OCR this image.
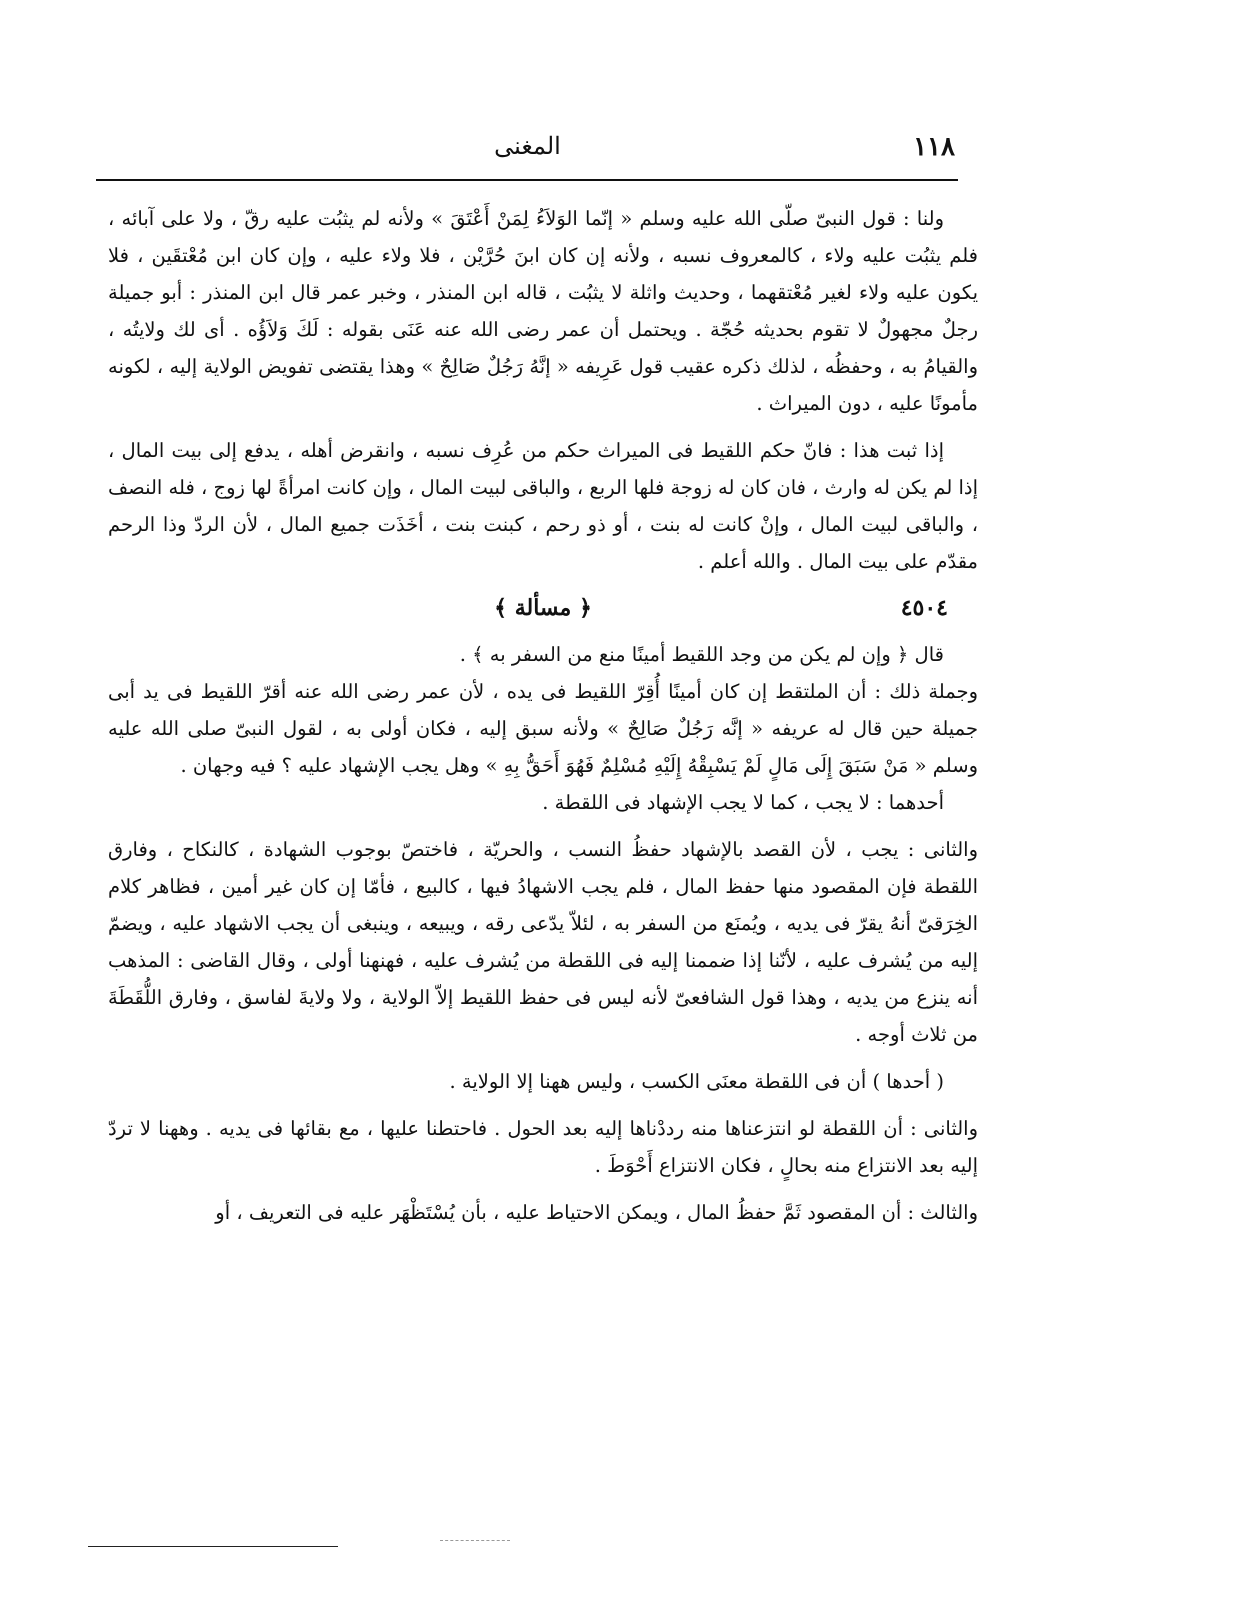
١١٨
المغنى

ولنا : قول النبىّ صلّى الله عليه وسلم « إنّما الوَلاَءُ لِمَنْ أَعْتَقَ » ولأنه لم يثبُت عليه رقّ ، ولا على آبائه ، فلم يثبُت عليه ولاء ، كالمعروف نسبه ، ولأنه إن كان ابنَ حُرَّيْن ، فلا ولاء عليه ، وإن كان ابن مُعْتقَين ، فلا يكون عليه ولاء لغير مُعْتقهما ، وحديث واثلة لا يثبُت ، قاله ابن المنذر ، وخبر عمر قال ابن المنذر : أبو جميلة رجلٌ مجهولٌ لا تقوم بحديثه حُجّة . ويحتمل أن عمر رضى الله عنه عَنَى بقوله : لَكَ وَلاَؤُه . أى لك ولايتُه ، والقيامُ به ، وحفظُه ، لذلك ذكره عقيب قول عَرِيفه « إنَّهُ رَجُلٌ صَالِحٌ » وهذا يقتضى تفويض الولاية إليه ، لكونه مأمونًا عليه ، دون الميراث .

إذا ثبت هذا : فانّ حكم اللقيط فى الميراث حكم من عُرِف نسبه ، وانقرض أهله ، يدفع إلى بيت المال ، إذا لم يكن له وارث ، فان كان له زوجة فلها الربع ، والباقى لبيت المال ، وإن كانت امرأةً لها زوج ، فله النصف ، والباقى لبيت المال ، وإنْ كانت له بنت ، أو ذو رحم ، كبنت بنت ، أخَذَت جميع المال ، لأن الردّ وذا الرحم مقدّم على بيت المال . والله أعلم .

٤٥٠٤
﴿ مسألة ﴾

قال ﴿ وإن لم يكن من وجد اللقيط أمينًا منع من السفر به ﴾ .

وجملة ذلك : أن الملتقط إن كان أمينًا أُقِرّ اللقيط فى يده ، لأن عمر رضى الله عنه أقرّ اللقيط فى يد أبى جميلة حين قال له عريفه « إنَّه رَجُلٌ صَالِحٌ » ولأنه سبق إليه ، فكان أولى به ، لقول النبىّ صلى الله عليه وسلم « مَنْ سَبَقَ إِلَى مَالٍ لَمْ يَسْبِقْهُ إِلَيْهِ مُسْلِمٌ فَهُوَ أَحَقُّ بِهِ » وهل يجب الإشهاد عليه ؟ فيه وجهان .

أحدهما : لا يجب ، كما لا يجب الإشهاد فى اللقطة .

والثانى : يجب ، لأن القصد بالإشهاد حفظُ النسب ، والحريّة ، فاختصّ بوجوب الشهادة ، كالنكاح ، وفارق اللقطة فإن المقصود منها حفظ المال ، فلم يجب الاشهادُ فيها ، كالبيع ، فأمّا إن كان غير أمين ، فظاهر كلام الخِرَقىّ أنهُ يقرّ فى يديه ، ويُمنَع من السفر به ، لئلاّ يدّعى رقه ، ويبيعه ، وينبغى أن يجب الاشهاد عليه ، ويضمّ إليه من يُشرف عليه ، لأنّنا إذا ضممنا إليه فى اللقطة من يُشرف عليه ، فهنهنا أولى ، وقال القاضى : المذهب أنه ينزع من يديه ، وهذا قول الشافعىّ لأنه ليس فى حفظ اللقيط إلاّ الولاية ، ولا ولايةَ لفاسق ، وفارق اللُّقَطَةَ من ثلاث أوجه .

( أحدها ) أن فى اللقطة معنَى الكسب ، وليس ههنا إلا الولاية .

والثانى : أن اللقطة لو انتزعناها منه رددْناها إليه بعد الحول . فاحتطنا عليها ، مع بقائها فى يديه . وههنا لا تردّ إليه بعد الانتزاع منه بحالٍ ، فكان الانتزاع أَحْوَطَ .

والثالث : أن المقصود ثَمَّ حفظُ المال ، ويمكن الاحتياط عليه ، بأن يُسْتَظْهَر عليه فى التعريف ، أو
